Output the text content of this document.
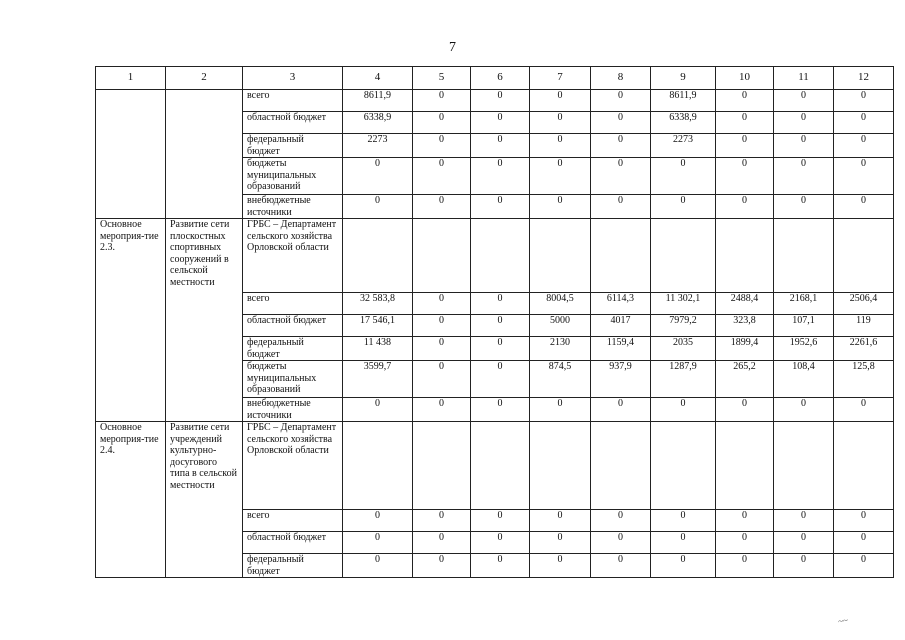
7
1	2	3	4	5	6	7	8	9	10	11	12
		всего	8611,9	0	0	0	0	8611,9	0	0	0
		областной бюджет	6338,9	0	0	0	0	6338,9	0	0	0
		федеральный бюджет	2273	0	0	0	0	2273	0	0	0
		бюджеты муниципальных образований	0	0	0	0	0	0	0	0	0
		внебюджетные источники	0	0	0	0	0	0	0	0	0
Основное мероприя-тие 2.3.	Развитие сети плоскостных спортивных сооружений в сельской местности	ГРБС – Департамент сельского хозяйства Орловской области									
		всего	32 583,8	0	0	8004,5	6114,3	11 302,1	2488,4	2168,1	2506,4
		областной бюджет	17 546,1	0	0	5000	4017	7979,2	323,8	107,1	119
		федеральный бюджет	11 438	0	0	2130	1159,4	2035	1899,4	1952,6	2261,6
		бюджеты муниципальных образований	3599,7	0	0	874,5	937,9	1287,9	265,2	108,4	125,8
		внебюджетные источники	0	0	0	0	0	0	0	0	0
Основное мероприя-тие 2.4.	Развитие сети учреждений культурно-досугового типа в сельской местности	ГРБС – Департамент сельского хозяйства Орловской области									
		всего	0	0	0	0	0	0	0	0	0
		областной бюджет	0	0	0	0	0	0	0	0	0
		федеральный бюджет	0	0	0	0	0	0	0	0	0
~~
